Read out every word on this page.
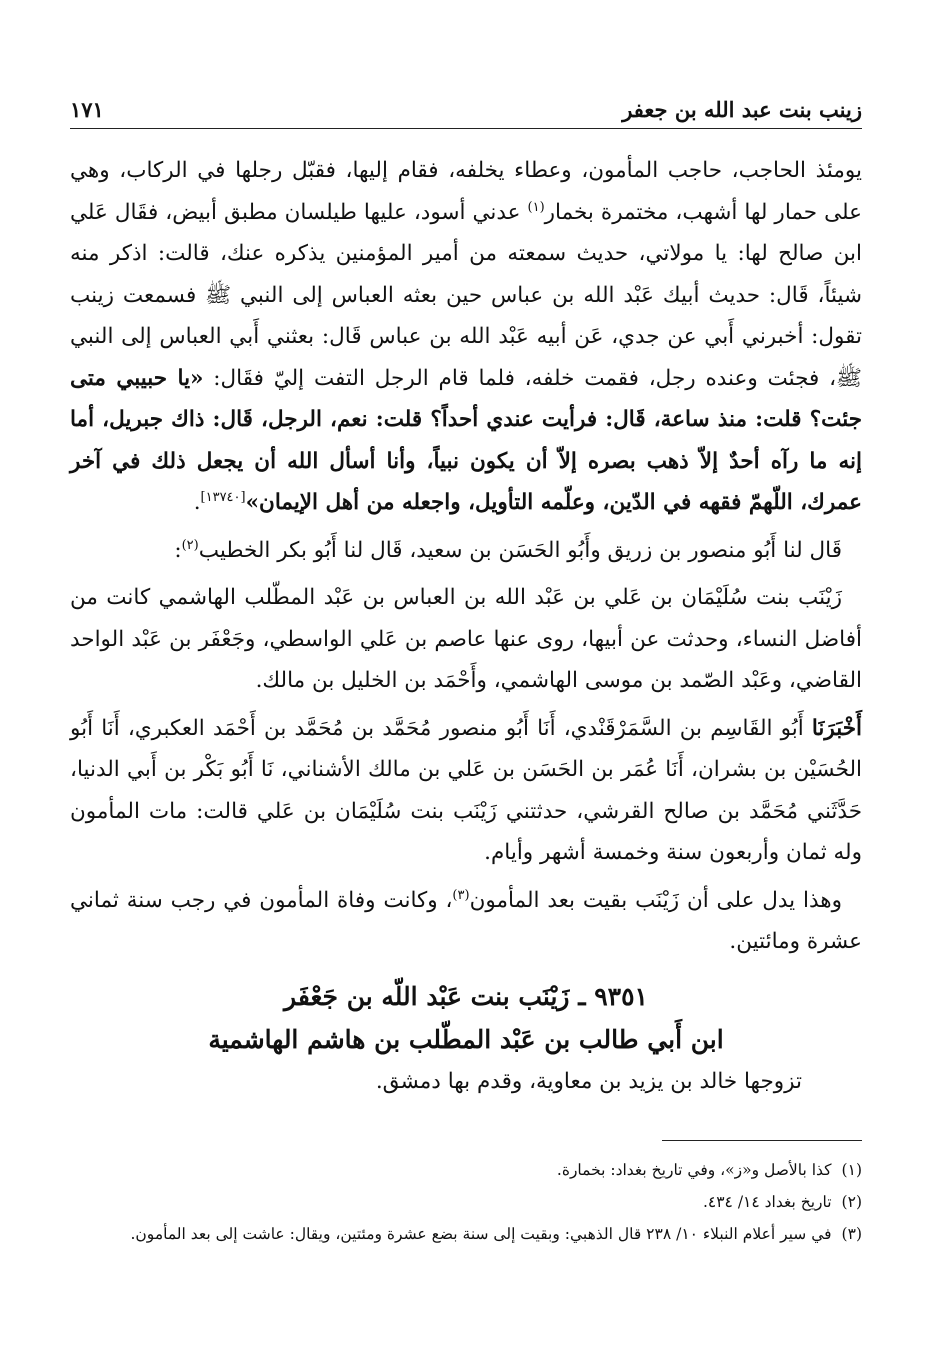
زينب بنت عبد الله بن جعفر
١٧١

يومئذ الحاجب، حاجب المأمون، وعطاء يخلفه، فقام إليها، فقبّل رجلها في الركاب، وهي على حمار لها أشهب، مختمرة بخمار$^{(١)}$ عدني أسود، عليها طيلسان مطبق أبيض، فقَال عَلي ابن صالح لها: يا مولاتي، حديث سمعته من أمير المؤمنين يذكره عنك، قالت: اذكر منه شيئاً، قَال: حديث أبيك عَبْد الله بن عباس حين بعثه العباس إلى النبي ﷺ فسمعت زينب تقول: أخبرني أَبي عن جدي، عَن أبيه عَبْد الله بن عباس قَال: بعثني أَبي العباس إلى النبي ﷺ، فجئت وعنده رجل، فقمت خلفه، فلما قام الرجل التفت إليّ فقَال: «يا حبيبي متى جئت؟ قلت: منذ ساعة، قَال: فرأيت عندي أحداً؟ قلت: نعم، الرجل، قَال: ذاك جبريل، أما إنه ما رآه أحدٌ إلاّ ذهب بصره إلاّ أن يكون نبياً، وأنا أسأل الله أن يجعل ذلك في آخر عمرك، اللّهمّ فقهه في الدّين، وعلّمه التأويل، واجعله من أهل الإيمان»[١٣٧٤٠].

قَال لنا أَبُو منصور بن زريق وأَبُو الحَسَن بن سعيد، قَال لنا أَبُو بكر الخطيب$^{(٢)}$:

زَيْنَب بنت سُلَيْمَان بن عَلي بن عَبْد الله بن العباس بن عَبْد المطّلب الهاشمي كانت من أفاضل النساء، وحدثت عن أبيها، روى عنها عاصم بن عَلي الواسطي، وجَعْفَر بن عَبْد الواحد القاضي، وعَبْد الصّمد بن موسى الهاشمي، وأَحْمَد بن الخليل بن مالك.

أَخْبَرَنَا أَبُو القَاسِم بن السَّمَرْقَنْدي، أَنَا أَبُو منصور مُحَمَّد بن مُحَمَّد بن أَحْمَد العكبري، أَنَا أَبُو الحُسَيْن بن بشران، أَنَا عُمَر بن الحَسَن بن عَلي بن مالك الأشناني، نَا أَبُو بَكْر بن أَبي الدنيا، حَدَّثَني مُحَمَّد بن صالح القرشي، حدثتني زَيْنَب بنت سُلَيْمَان بن عَلي قالت: مات المأمون وله ثمان وأربعون سنة وخمسة أشهر وأيام.

وهذا يدل على أن زَيْنَب بقيت بعد المأمون$^{(٣)}$، وكانت وفاة المأمون في رجب سنة ثماني عشرة ومائتين.

٩٣٥١ ـ زَيْنَب بنت عَبْد اللّه بن جَعْفَر
ابن أَبي طالب بن عَبْد المطّلب بن هاشم الهاشمية

تزوجها خالد بن يزيد بن معاوية، وقدم بها دمشق.

(١)
كذا بالأصل و«ز»، وفي تاريخ بغداد: بخمارة.
(٢)
تاريخ بغداد ١٤/ ٤٣٤.
(٣)
في سير أعلام النبلاء ١٠/ ٢٣٨ قال الذهبي: وبقيت إلى سنة بضع عشرة ومئتين، ويقال: عاشت إلى بعد المأمون.
